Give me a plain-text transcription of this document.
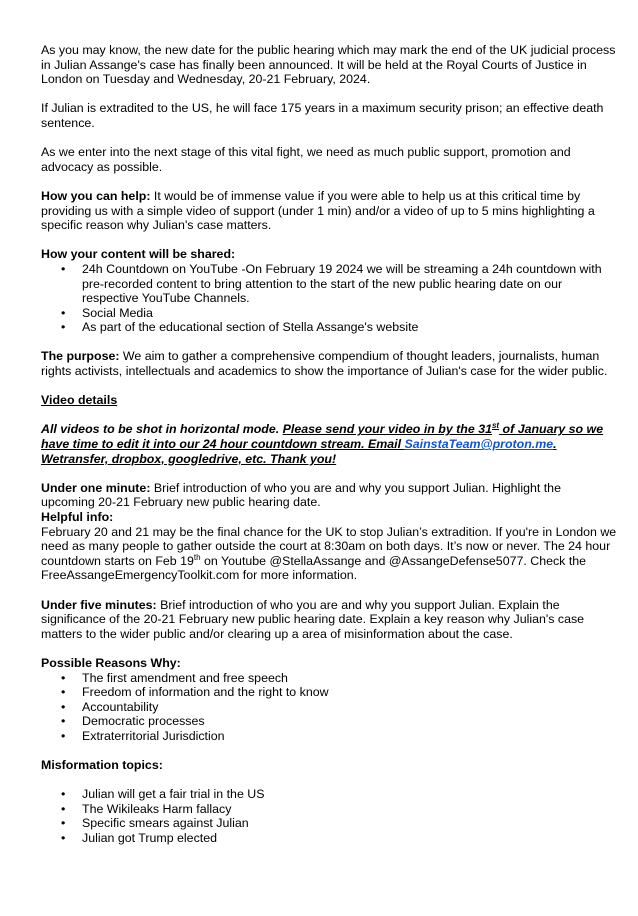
As you may know, the new date for the public hearing which may mark the end of the UK judicial process in Julian Assange's case has finally been announced. It will be held at the Royal Courts of Justice in London on Tuesday and Wednesday, 20-21 February, 2024.

If Julian is extradited to the US, he will face 175 years in a maximum security prison; an effective death sentence.

As we enter into the next stage of this vital fight, we need as much public support, promotion and advocacy as possible.

How you can help: It would be of immense value if you were able to help us at this critical time by providing us with a simple video of support (under 1 min) and/or a video of up to 5 mins highlighting a specific reason why Julian's case matters.

How your content will be shared:

• 24h Countdown on YouTube -On February 19 2024 we will be streaming a 24h countdown with pre-recorded content to bring attention to the start of the new public hearing date on our respective YouTube Channels.
• Social Media
• As part of the educational section of Stella Assange's website

The purpose: We aim to gather a comprehensive compendium of thought leaders, journalists, human rights activists, intellectuals and academics to show the importance of Julian's case for the wider public.

Video details

All videos to be shot in horizontal mode. Please send your video in by the 31st of January so we have time to edit it into our 24 hour countdown stream. Email SainstaTeam@proton.me. Wetransfer, dropbox, googledrive, etc. Thank you!

Under one minute: Brief introduction of who you are and why you support Julian. Highlight the upcoming 20-21 February new public hearing date.

Helpful info:

February 20 and 21 may be the final chance for the UK to stop Julian’s extradition. If you're in London we need as many people to gather outside the court at 8:30am on both days. It’s now or never. The 24 hour countdown starts on Feb 19th on Youtube @StellaAssange and @AssangeDefense5077. Check the FreeAssangeEmergencyToolkit.com for more information.

Under five minutes: Brief introduction of who you are and why you support Julian. Explain the significance of the 20-21 February new public hearing date. Explain a key reason why Julian's case matters to the wider public and/or clearing up a area of misinformation about the case.

Possible Reasons Why:

• The first amendment and free speech
• Freedom of information and the right to know
• Accountability
• Democratic processes
• Extraterritorial Jurisdiction

Misformation topics:

• Julian will get a fair trial in the US
• The Wikileaks Harm fallacy
• Specific smears against Julian
• Julian got Trump elected
